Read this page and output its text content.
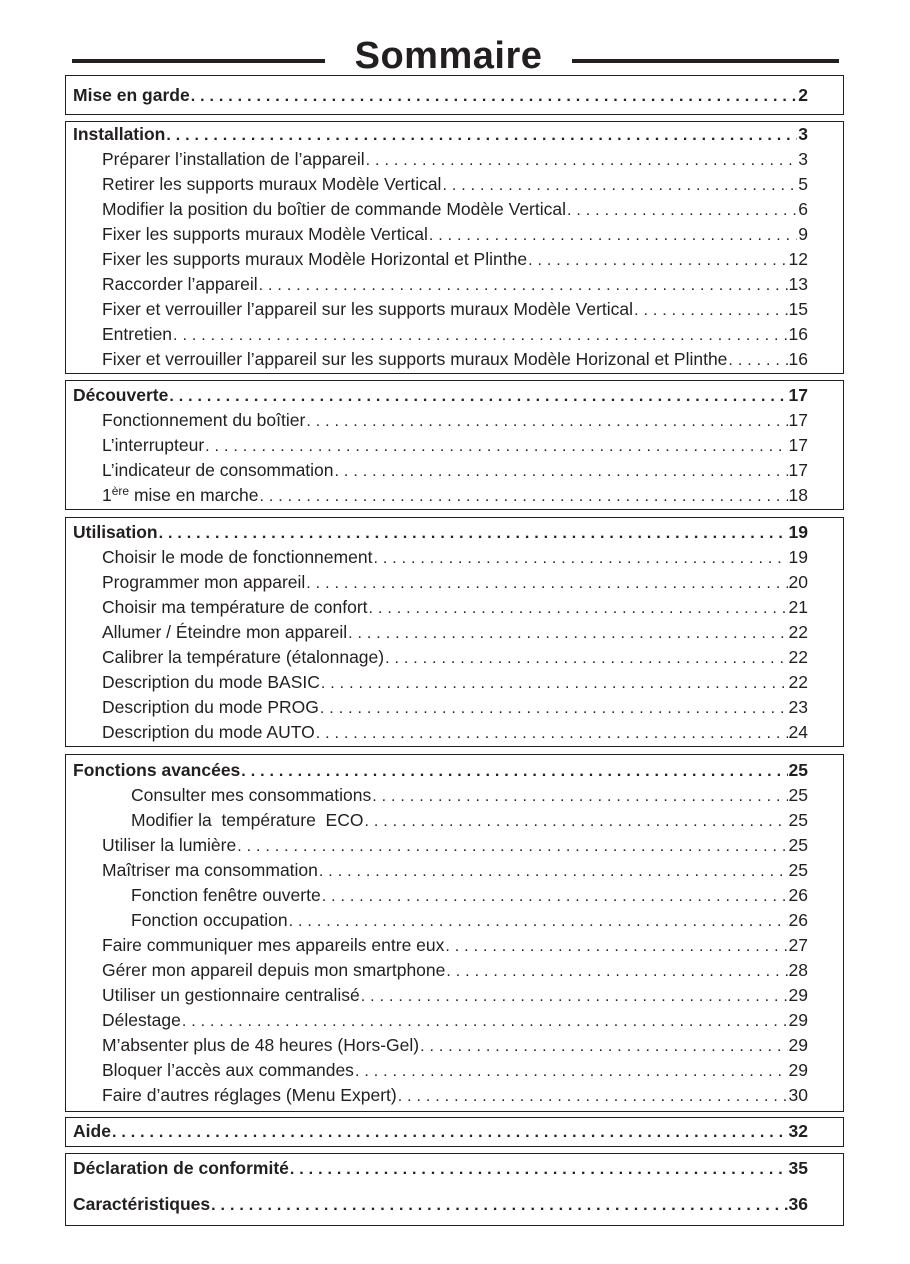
Sommaire
Mise en garde . . .	2
Installation . . .	3
Préparer l’installation de l’appareil . . .	3
Retirer les supports muraux Modèle Vertical . . .	5
Modifier la position du boîtier de commande Modèle Vertical . . .	6
Fixer les supports muraux Modèle Vertical . . .	9
Fixer les supports muraux Modèle Horizontal et Plinthe . . .	12
Raccorder l’appareil . . .	13
Fixer et verrouiller l’appareil sur les supports muraux Modèle Vertical . . .	15
Entretien . . .	16
Fixer et verrouiller l’appareil sur les supports muraux Modèle Horizonal et Plinthe . . .	16
Découverte . . .	17
Fonctionnement du boîtier . . .	17
L’interrupteur . . .	17
L’indicateur de consommation . . .	17
1ère mise en marche . . .	18
Utilisation . . .	19
Choisir le mode de fonctionnement . . .	19
Programmer mon appareil . . .	20
Choisir ma température de confort . . .	21
Allumer / Éteindre mon appareil . . .	22
Calibrer la température (étalonnage) . . .	22
Description du mode BASIC . . .	22
Description du mode PROG . . .	23
Description du mode AUTO . . .	24
Fonctions avancées . . .	25
Consulter mes consommations . . .	25
Modifier la  température  ECO . . .	25
Utiliser la lumière . . .	25
Maîtriser ma consommation . . .	25
Fonction fenêtre ouverte . . .	26
Fonction occupation . . .	26
Faire communiquer mes appareils entre eux . . .	27
Gérer mon appareil depuis mon smartphone . . .	28
Utiliser un gestionnaire centralisé . . .	29
Délestage . . .	29
M’absenter plus de 48 heures (Hors-Gel) . . .	29
Bloquer l’accès aux commandes . . .	29
Faire d’autres réglages (Menu Expert) . . .	30
Aide . . .	32
Déclaration de conformité . . .	35
Caractéristiques . . .	36
